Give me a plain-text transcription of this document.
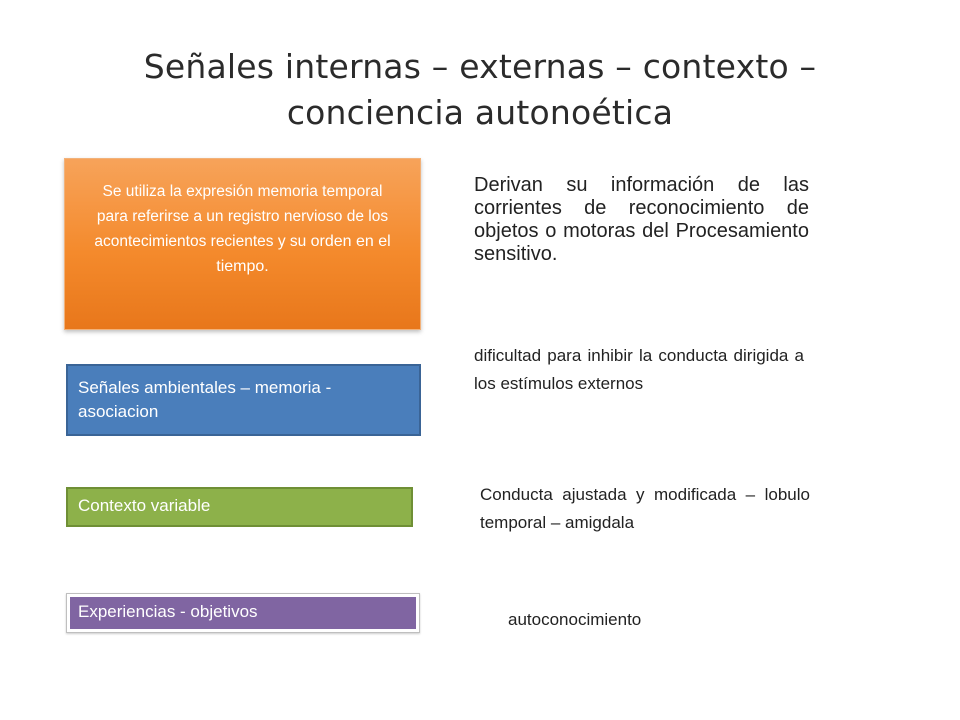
Señales internas – externas – contexto – conciencia autonoética
Se utiliza la expresión memoria temporal para referirse a un registro nervioso de los acontecimientos recientes y su orden en el tiempo.
Señales ambientales – memoria - asociacion
Contexto variable
Experiencias - objetivos
Derivan su información de las corrientes de reconocimiento de objetos o motoras del Procesamiento sensitivo.
dificultad para inhibir la conducta dirigida a los estímulos externos
Conducta ajustada y modificada – lobulo temporal – amigdala
autoconocimiento
